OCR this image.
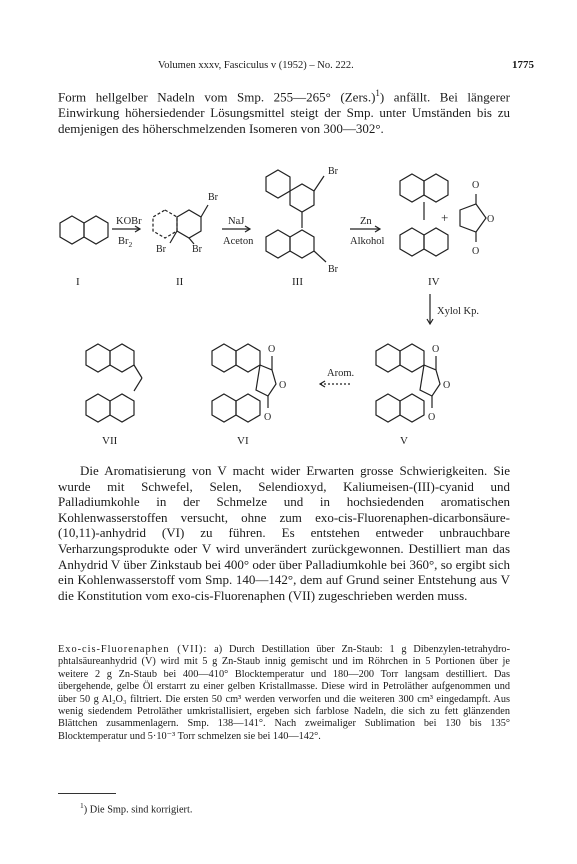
Volumen xxxv, Fasciculus v (1952) – No. 222.	1775
Form hellgelber Nadeln vom Smp. 255—265° (Zers.)$^1$) anfällt. Bei längerer Einwirkung höhersiedender Lösungsmittel steigt der Smp. unter Umständen bis zu demjenigen des höherschmelzenden Isomeren von 300—302°.
KOBr
$Br_2$
Br
Br	Br
NaJ
Aceton
Br
Br
Zn
Alkohol
+
O
O
O
Xylol Kp.
O
O
O
Arom.
O
O
O
I	II	III	IV
V
VI
VII
Die Aromatisierung von V macht wider Erwarten grosse Schwierigkeiten. Sie wurde mit Schwefel, Selen, Selendioxyd, Kaliumeisen-(III)-cyanid und Palladiumkohle in der Schmelze und in hochsiedenden aromatischen Kohlenwasserstoffen versucht, ohne zum exo-cis-Fluorenaphen-dicarbonsäure-(10,11)-anhydrid (VI) zu führen. Es entstehen entweder unbrauchbare Verharzungsprodukte oder V wird unverändert zurückgewonnen. Destilliert man das Anhydrid V über Zinkstaub bei 400° oder über Palladiumkohle bei 360°, so ergibt sich ein Kohlenwasserstoff vom Smp. 140—142°, dem auf Grund seiner Entstehung aus V die Konstitution vom exo-cis-Fluorenaphen (VII) zugeschrieben werden muss.
Exo-cis-Fluorenaphen (VII): a) Durch Destillation über Zn-Staub: 1 g Dibenzylen-tetrahydro-phtalsäureanhydrid (V) wird mit 5 g Zn-Staub innig gemischt und im Röhrchen in 5 Portionen über je weitere 2 g Zn-Staub bei 400—410° Blocktemperatur und 180—200 Torr langsam destilliert. Das übergehende, gelbe Öl erstarrt zu einer gelben Kristallmasse. Diese wird in Petroläther aufgenommen und über 50 g Al₂O₃ filtriert. Die ersten 50 cm³ werden verworfen und die weiteren 300 cm³ eingedampft. Aus wenig siedendem Petroläther umkristallisiert, ergeben sich farblose Nadeln, die sich zu fett glänzenden Blättchen zusammenlagern. Smp. 138—141°. Nach zweimaliger Sublimation bei 130 bis 135° Blocktemperatur und 5·10⁻³ Torr schmelzen sie bei 140—142°.
$^1$) Die Smp. sind korrigiert.
